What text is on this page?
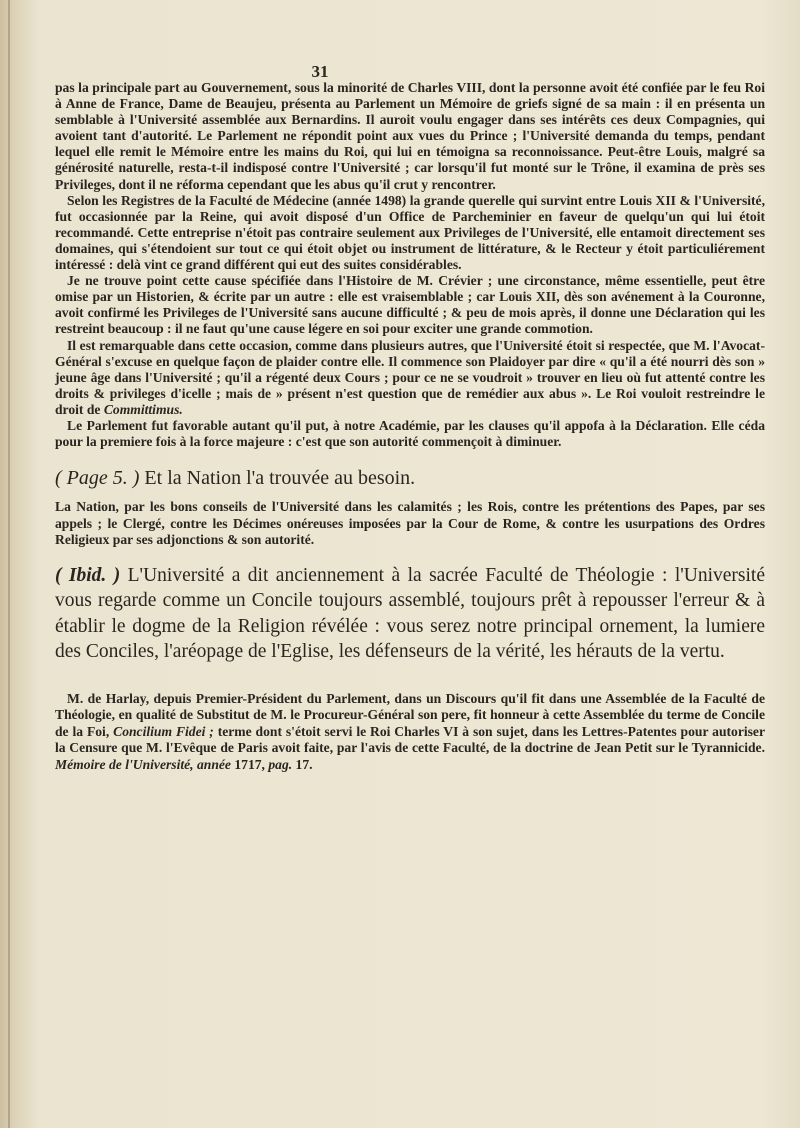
31

pas la principale part au Gouvernement, sous la minorité de Charles VIII, dont la personne avoit été confiée par le feu Roi à Anne de France, Dame de Beaujeu, présenta au Parlement un Mémoire de griefs signé de sa main : il en présenta un semblable à l'Université assemblée aux Bernardins. Il auroit voulu engager dans ses intérêts ces deux Compagnies, qui avoient tant d'autorité. Le Parlement ne répondit point aux vues du Prince ; l'Université demanda du temps, pendant lequel elle remit le Mémoire entre les mains du Roi, qui lui en témoigna sa reconnoissance. Peut-être Louis, malgré sa générosité naturelle, resta-t-il indisposé contre l'Université ; car lorsqu'il fut monté sur le Trône, il examina de près ses Privileges, dont il ne réforma cependant que les abus qu'il crut y rencontrer.

Selon les Registres de la Faculté de Médecine (année 1498) la grande querelle qui survint entre Louis XII & l'Université, fut occasionnée par la Reine, qui avoit disposé d'un Office de Parcheminier en faveur de quelqu'un qui lui étoit recommandé. Cette entreprise n'étoit pas contraire seulement aux Privileges de l'Université, elle entamoit directement ses domaines, qui s'étendoient sur tout ce qui étoit objet ou instrument de littérature, & le Recteur y étoit particuliérement intéressé : delà vint ce grand différent qui eut des suites considérables.

Je ne trouve point cette cause spécifiée dans l'Histoire de M. Crévier ; une circonstance, même essentielle, peut être omise par un Historien, & écrite par un autre : elle est vraisemblable ; car Louis XII, dès son avénement à la Couronne, avoit confirmé les Privileges de l'Université sans aucune difficulté ; & peu de mois après, il donne une Déclaration qui les restreint beaucoup : il ne faut qu'une cause légere en soi pour exciter une grande commotion.

Il est remarquable dans cette occasion, comme dans plusieurs autres, que l'Université étoit si respectée, que M. l'Avocat-Général s'excuse en quelque façon de plaider contre elle. Il commence son Plaidoyer par dire « qu'il a été nourri dès son » jeune âge dans l'Université ; qu'il a régenté deux Cours ; pour ce ne se voudroit » trouver en lieu où fut attenté contre les droits & privileges d'icelle ; mais de » présent n'est question que de remédier aux abus ». Le Roi vouloit restreindre le droit de Committimus.

Le Parlement fut favorable autant qu'il put, à notre Académie, par les clauses qu'il appofa à la Déclaration. Elle céda pour la premiere fois à la force majeure : c'est que son autorité commençoit à diminuer.

( Page 5. ) Et la Nation l'a trouvée au besoin.

La Nation, par les bons conseils de l'Université dans les calamités ; les Rois, contre les prétentions des Papes, par ses appels ; le Clergé, contre les Décimes onéreuses imposées par la Cour de Rome, & contre les usurpations des Ordres Religieux par ses adjonctions & son autorité.

( Ibid. ) L'Université a dit anciennement à la sacrée Faculté de Théologie : l'Université vous regarde comme un Concile toujours assemblé, toujours prêt à repousser l'erreur & à établir le dogme de la Religion révélée : vous serez notre principal ornement, la lumiere des Conciles, l'aréopage de l'Eglise, les défenseurs de la vérité, les hérauts de la vertu.

M. de Harlay, depuis Premier-Président du Parlement, dans un Discours qu'il fit dans une Assemblée de la Faculté de Théologie, en qualité de Substitut de M. le Procureur-Général son pere, fit honneur à cette Assemblée du terme de Concile de la Foi, Concilium Fidei ; terme dont s'étoit servi le Roi Charles VI à son sujet, dans les Lettres-Patentes pour autoriser la Censure que M. l'Evêque de Paris avoit faite, par l'avis de cette Faculté, de la doctrine de Jean Petit sur le Tyrannicide. Mémoire de l'Université, année 1717, pag. 17.
